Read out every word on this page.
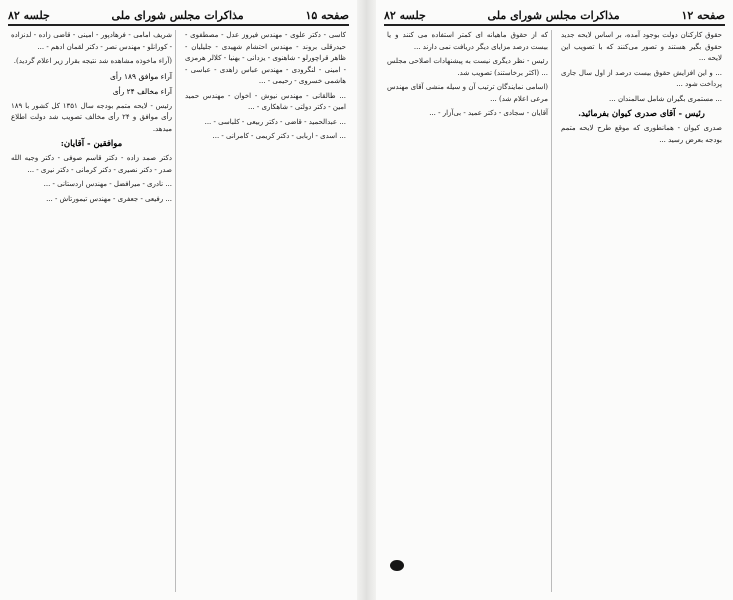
جلسه ۸۲	مذاکرات مجلس شورای ملی	صفحه ۱۵

کاسی - دکتر علوی - مهندس فیروز عدل - مصطفوی - حیدرقلی بروند - مهندس احتشام شهیدی - جلیلیان - ظاهر قراچورلو - شاهنوی - یزدانی - بهنیا - کلالر هرمزی - امینی - لنگرودی - مهندس عباس زاهدی - عباسی - هاشمی خسروی - رحیمی - ...

... طالقانی - مهندس نیوش - اخوان - مهندس حمید امین - دکتر دولتی - شاهکاری - ...

... عبدالحمید - قاضی - دکتر ربیعی - کلباسی - ...

... اسدی - اربابی - دکتر کریمی - کامرانی - ...

شریف امامی - فرهادپور - امینی - قاضی زاده - لدنزاده - کورانلو - مهندس نصر - دکتر لقمان ادهم - ...

(آراء ماخوذه مشاهده شد نتیجه بقرار زیر اعلام گردید).

آراء موافق ۱۸۹ رأی

آراء مخالف ۲۴ رأی

رئیس - لایحه متمم بودجه سال ۱۳۵۱ کل کشور با ۱۸۹ رأی موافق و ۲۴ رأی مخالف تصویب شد دولت اطلاع میدهد.

موافقین - آقایان:

دکتر صمد زاده - دکتر قاسم صوفی - دکتر وجیه الله صدر - دکتر نصیری - دکتر کرمانی - دکتر نیری - ...

... نادری - میرافضل - مهندس اردستانی - ...

... رفیعی - جعفری - مهندس تیمورتاش - ...

جلسه ۸۲	مذاکرات مجلس شورای ملی	صفحه ۱۲

حقوق کارکنان دولت بوجود آمده، بر اساس لایحه جدید حقوق بگیر هستند و تصور می‌کنند که با تصویب این لایحه ...

... و این افزایش حقوق بیست درصد از اول سال جاری پرداخت شود ...

... مستمری بگیران شامل سالمندان ...

رئیس - آقای صدری کیوان بفرمائید.

صدری کیوان - همانطوری که موقع طرح لایحه متمم بودجه بعرض رسید ...

که از حقوق ماهیانه ای کمتر استفاده می کنند و یا بیست درصد مزایای دیگر دریافت نمی دارند ...

رئیس - نظر دیگری نیست به پیشنهادات اصلاحی مجلس ... (اکثر برخاستند) تصویب شد.

(اسامی نمایندگان ترتیب آن و سیله منشی آقای مهندس مرعی اعلام شد) ...

آقایان - سجادی - دکتر عمید - بی‌آزار - ...
